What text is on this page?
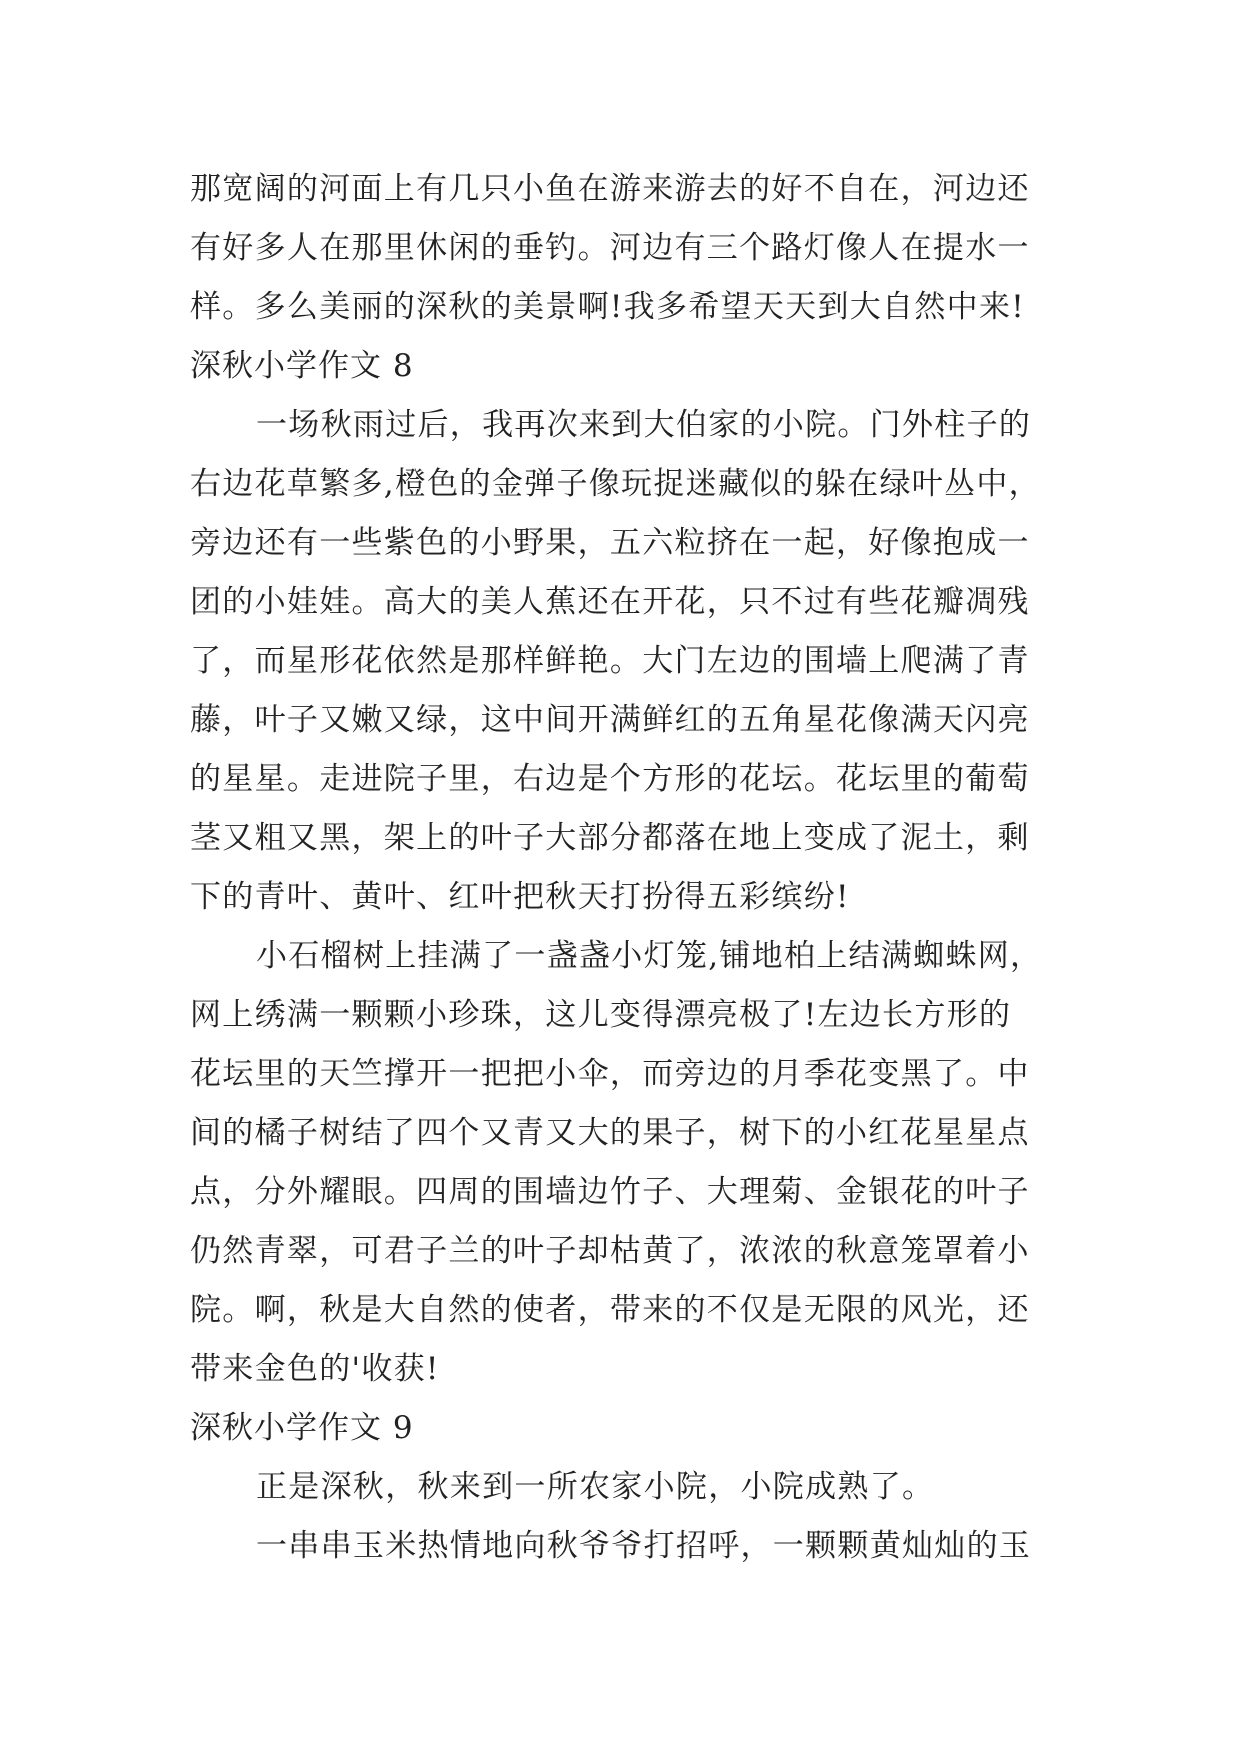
那宽阔的河面上有几只小鱼在游来游去的好不自在，河边还
有好多人在那里休闲的垂钓。河边有三个路灯像人在提水一
样。多么美丽的深秋的美景啊!我多希望天天到大自然中来!
深秋小学作文 8
一场秋雨过后，我再次来到大伯家的小院。门外柱子的
右边花草繁多,橙色的金弹子像玩捉迷藏似的躲在绿叶丛中，
旁边还有一些紫色的小野果，五六粒挤在一起，好像抱成一
团的小娃娃。高大的美人蕉还在开花，只不过有些花瓣凋残
了，而星形花依然是那样鲜艳。大门左边的围墙上爬满了青
藤，叶子又嫩又绿，这中间开满鲜红的五角星花像满天闪亮
的星星。走进院子里，右边是个方形的花坛。花坛里的葡萄
茎又粗又黑，架上的叶子大部分都落在地上变成了泥土，剩
下的青叶、黄叶、红叶把秋天打扮得五彩缤纷!
小石榴树上挂满了一盏盏小灯笼,铺地柏上结满蜘蛛网，
网上绣满一颗颗小珍珠，这儿变得漂亮极了!左边长方形的
花坛里的天竺撑开一把把小伞，而旁边的月季花变黑了。中
间的橘子树结了四个又青又大的果子，树下的小红花星星点
点，分外耀眼。四周的围墙边竹子、大理菊、金银花的叶子
仍然青翠，可君子兰的叶子却枯黄了，浓浓的秋意笼罩着小
院。啊，秋是大自然的使者，带来的不仅是无限的风光，还
带来金色的'收获!
深秋小学作文 9
正是深秋，秋来到一所农家小院，小院成熟了。
一串串玉米热情地向秋爷爷打招呼，一颗颗黄灿灿的玉
